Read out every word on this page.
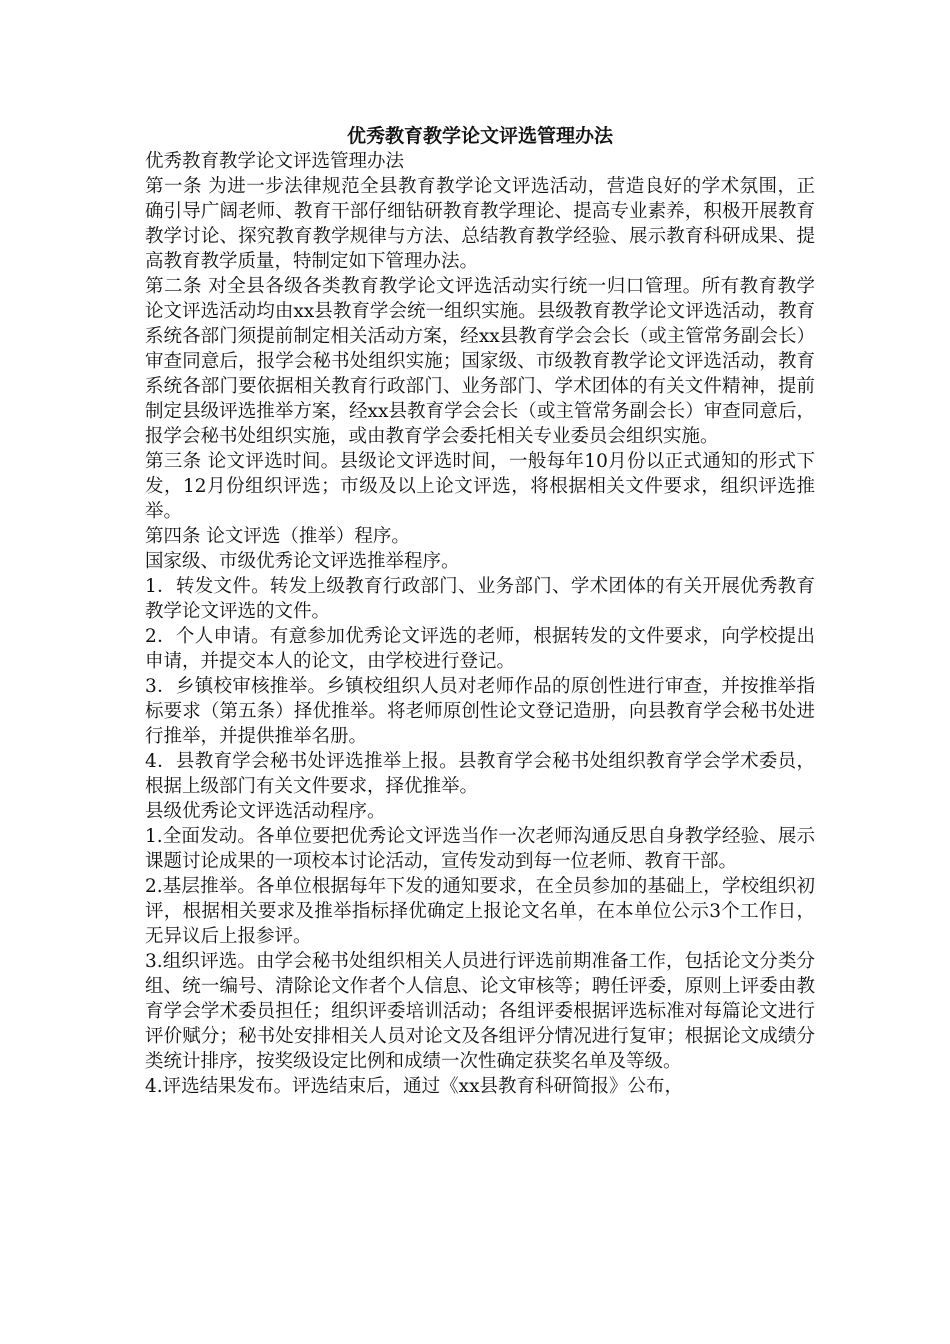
优秀教育教学论文评选管理办法

优秀教育教学论文评选管理办法

第一条 为进一步法律规范全县教育教学论文评选活动，营造良好的学术氛围，正确引导广阔老师、教育干部仔细钻研教育教学理论、提高专业素养，积极开展教育教学讨论、探究教育教学规律与方法、总结教育教学经验、展示教育科研成果、提高教育教学质量，特制定如下管理办法。

第二条 对全县各级各类教育教学论文评选活动实行统一归口管理。所有教育教学论文评选活动均由xx县教育学会统一组织实施。县级教育教学论文评选活动，教育系统各部门须提前制定相关活动方案，经xx县教育学会会长（或主管常务副会长）审查同意后，报学会秘书处组织实施；国家级、市级教育教学论文评选活动，教育系统各部门要依据相关教育行政部门、业务部门、学术团体的有关文件精神，提前制定县级评选推举方案，经xx县教育学会会长（或主管常务副会长）审查同意后，报学会秘书处组织实施，或由教育学会委托相关专业委员会组织实施。

第三条 论文评选时间。县级论文评选时间，一般每年10月份以正式通知的形式下发，12月份组织评选；市级及以上论文评选，将根据相关文件要求，组织评选推举。

第四条 论文评选（推举）程序。

国家级、市级优秀论文评选推举程序。

1．转发文件。转发上级教育行政部门、业务部门、学术团体的有关开展优秀教育教学论文评选的文件。

2．个人申请。有意参加优秀论文评选的老师，根据转发的文件要求，向学校提出申请，并提交本人的论文，由学校进行登记。

3．乡镇校审核推举。乡镇校组织人员对老师作品的原创性进行审查，并按推举指标要求（第五条）择优推举。将老师原创性论文登记造册，向县教育学会秘书处进行推举，并提供推举名册。

4．县教育学会秘书处评选推举上报。县教育学会秘书处组织教育学会学术委员，根据上级部门有关文件要求，择优推举。

县级优秀论文评选活动程序。

1.全面发动。各单位要把优秀论文评选当作一次老师沟通反思自身教学经验、展示课题讨论成果的一项校本讨论活动，宣传发动到每一位老师、教育干部。

2.基层推举。各单位根据每年下发的通知要求，在全员参加的基础上，学校组织初评，根据相关要求及推举指标择优确定上报论文名单，在本单位公示3个工作日，无异议后上报参评。

3.组织评选。由学会秘书处组织相关人员进行评选前期准备工作，包括论文分类分组、统一编号、清除论文作者个人信息、论文审核等；聘任评委，原则上评委由教育学会学术委员担任；组织评委培训活动；各组评委根据评选标准对每篇论文进行评价赋分；秘书处安排相关人员对论文及各组评分情况进行复审；根据论文成绩分类统计排序，按奖级设定比例和成绩一次性确定获奖名单及等级。

4.评选结果发布。评选结束后，通过《xx县教育科研简报》公布，
